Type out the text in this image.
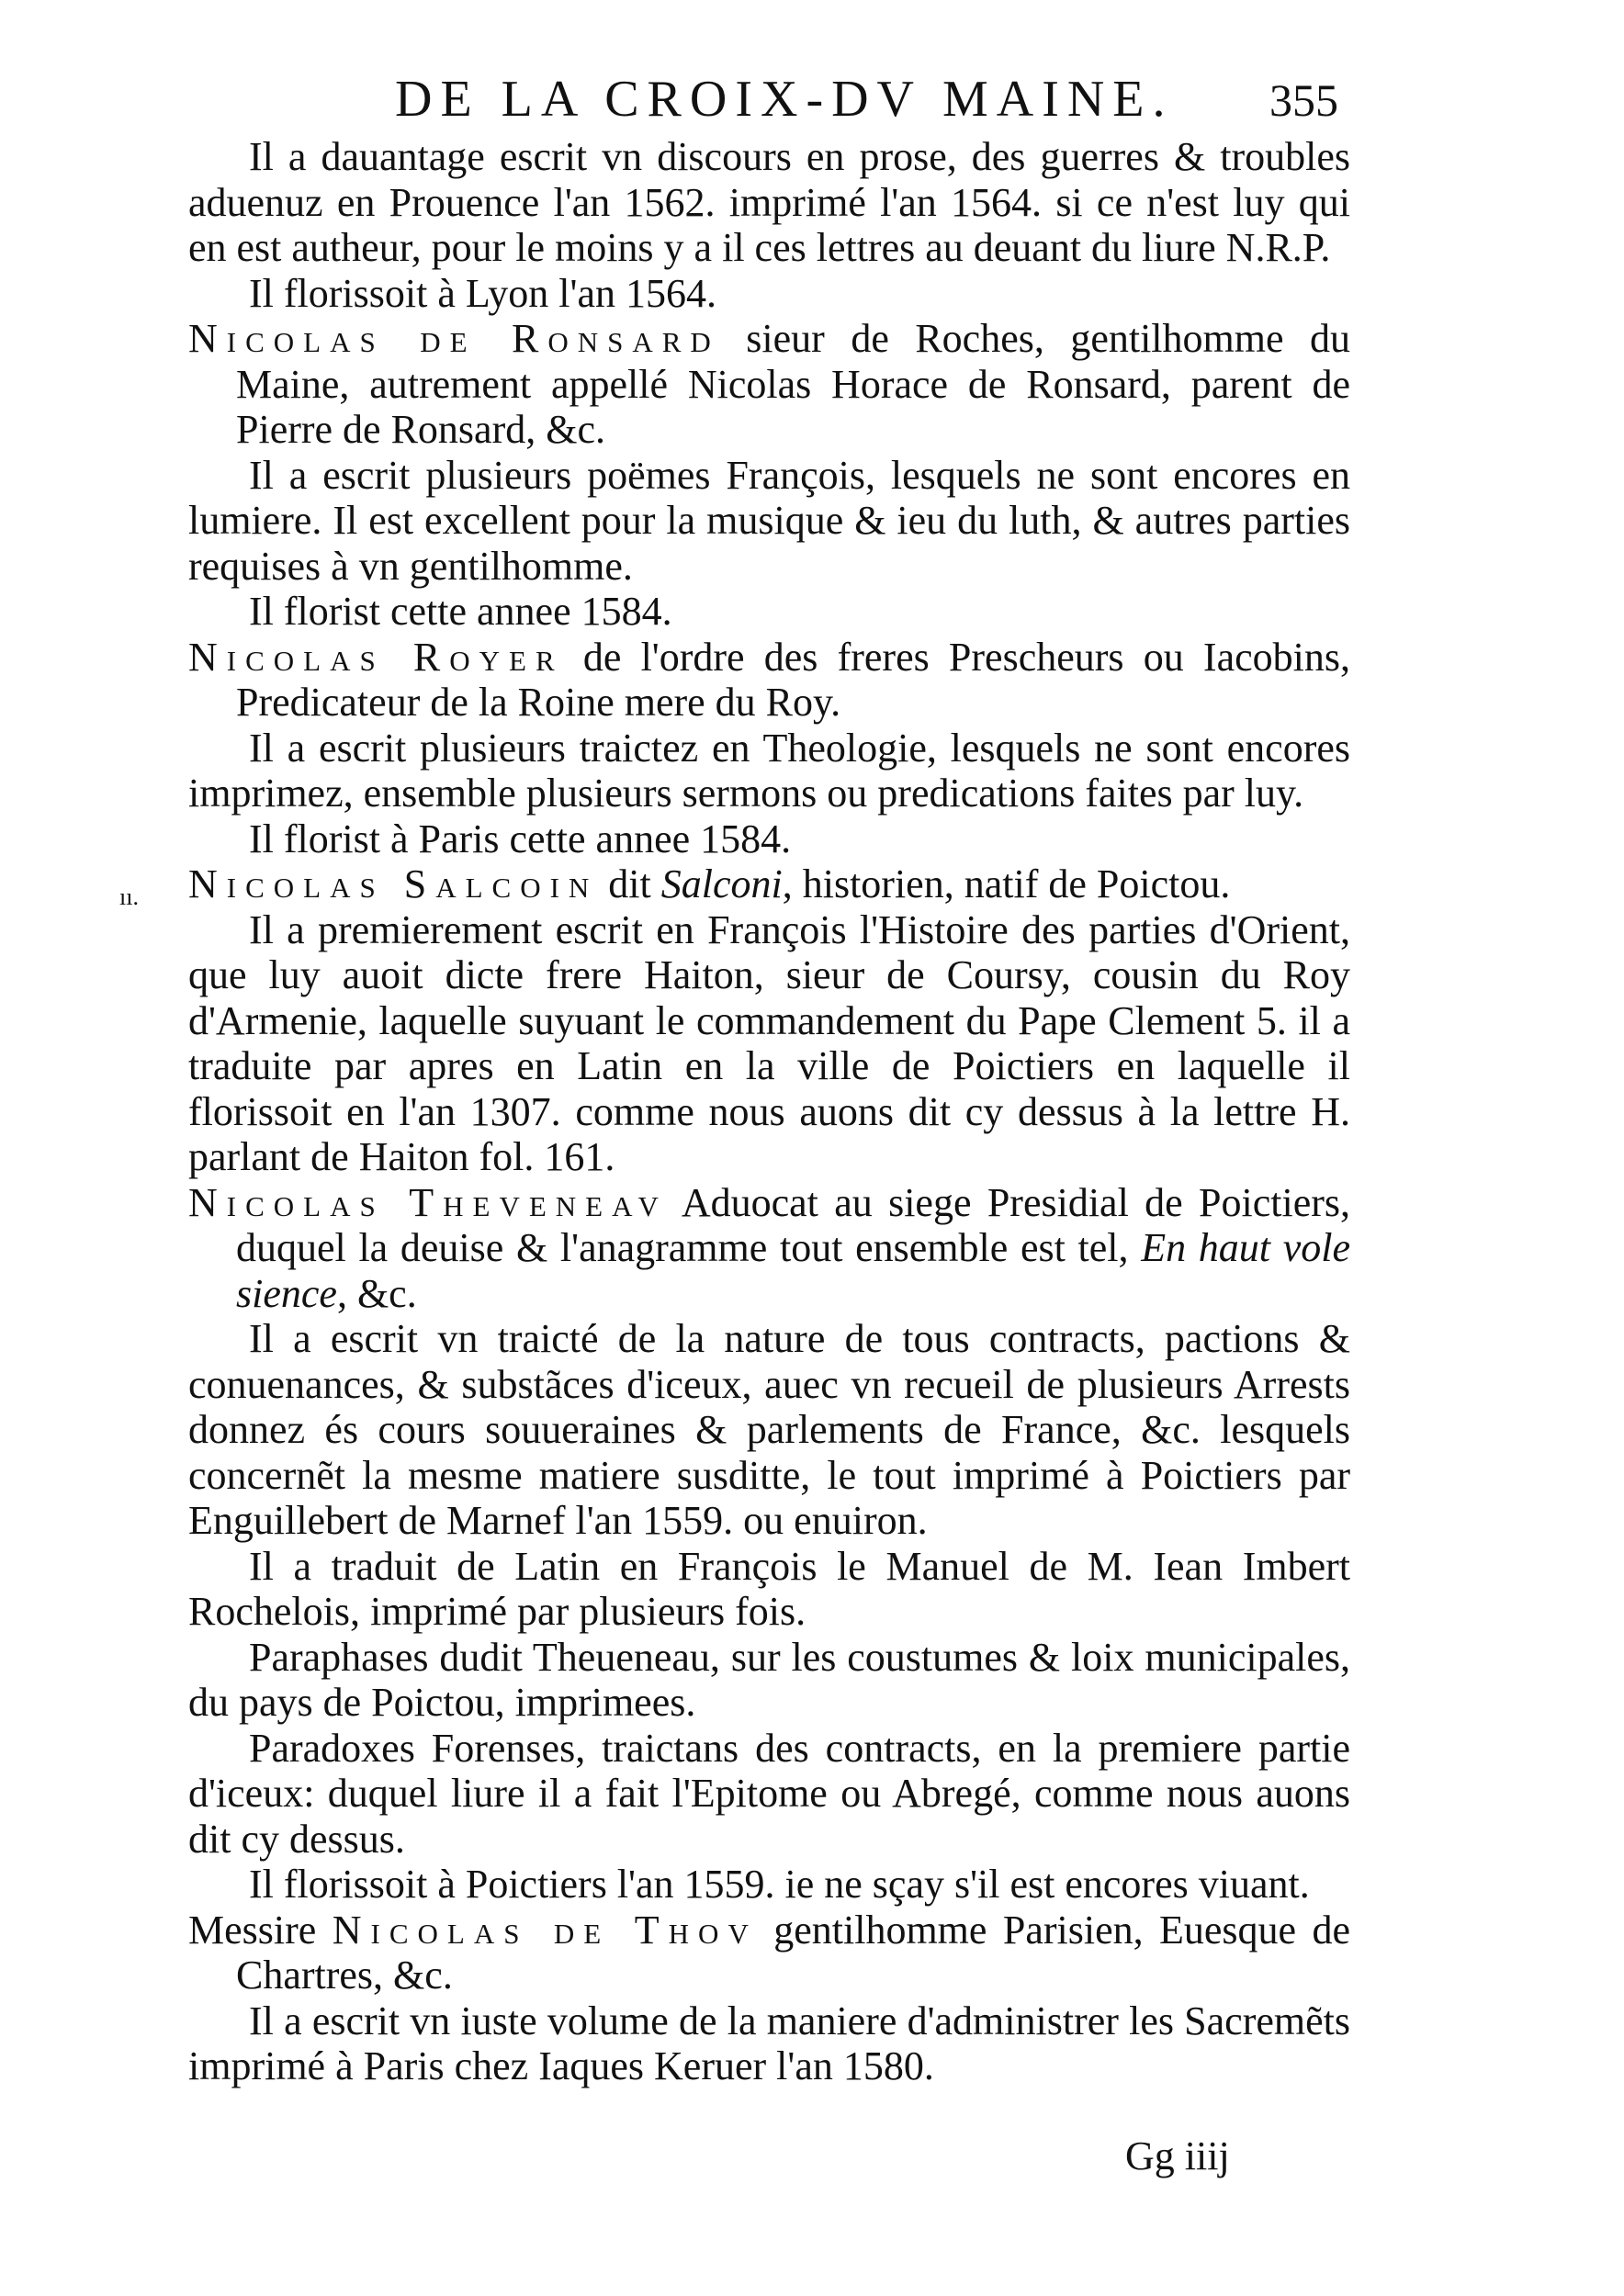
DE LA CROIX-DV MAINE. 355
ıı.

Il a dauantage escrit vn discours en prose, des guerres & troubles aduenuz en Prouence l'an 1562. imprimé l'an 1564. si ce n'est luy qui en est autheur, pour le moins y a il ces lettres au deuant du liure N.R.P.

Il florissoit à Lyon l'an 1564.

Nicolas de Ronsard sieur de Roches, gentilhomme du Maine, autrement appellé Nicolas Horace de Ronsard, parent de Pierre de Ronsard, &c.

Il a escrit plusieurs poëmes François, lesquels ne sont encores en lumiere. Il est excellent pour la musique & ieu du luth, & autres parties requises à vn gentilhomme.

Il florist cette annee 1584.

Nicolas Royer de l'ordre des freres Prescheurs ou Iacobins, Predicateur de la Roine mere du Roy.

Il a escrit plusieurs traictez en Theologie, lesquels ne sont encores imprimez, ensemble plusieurs sermons ou predications faites par luy.

Il florist à Paris cette annee 1584.

Nicolas Salcoin dit Salconi, historien, natif de Poictou.

Il a premierement escrit en François l'Histoire des parties d'Orient, que luy auoit dicte frere Haiton, sieur de Coursy, cousin du Roy d'Armenie, laquelle suyuant le commandement du Pape Clement 5. il a traduite par apres en Latin en la ville de Poictiers en laquelle il florissoit en l'an 1307. comme nous auons dit cy dessus à la lettre H. parlant de Haiton fol. 161.

Nicolas Theveneav Aduocat au siege Presidial de Poictiers, duquel la deuise & l'anagramme tout ensemble est tel, En haut vole sience, &c.

Il a escrit vn traicté de la nature de tous contracts, pactions & conuenances, & substãces d'iceux, auec vn recueil de plusieurs Arrests donnez és cours souueraines & parlements de France, &c. lesquels concernẽt la mesme matiere susditte, le tout imprimé à Poictiers par Enguillebert de Marnef l'an 1559. ou enuiron.

Il a traduit de Latin en François le Manuel de M. Iean Imbert Rochelois, imprimé par plusieurs fois.

Paraphases dudit Theueneau, sur les coustumes & loix municipales, du pays de Poictou, imprimees.

Paradoxes Forenses, traictans des contracts, en la premiere partie d'iceux: duquel liure il a fait l'Epitome ou Abregé, comme nous auons dit cy dessus.

Il florissoit à Poictiers l'an 1559. ie ne sçay s'il est encores viuant.

Messire Nicolas de Thov gentilhomme Parisien, Euesque de Chartres, &c.

Il a escrit vn iuste volume de la maniere d'administrer les Sacremẽts imprimé à Paris chez Iaques Keruer l'an 1580.

Gg iiij
